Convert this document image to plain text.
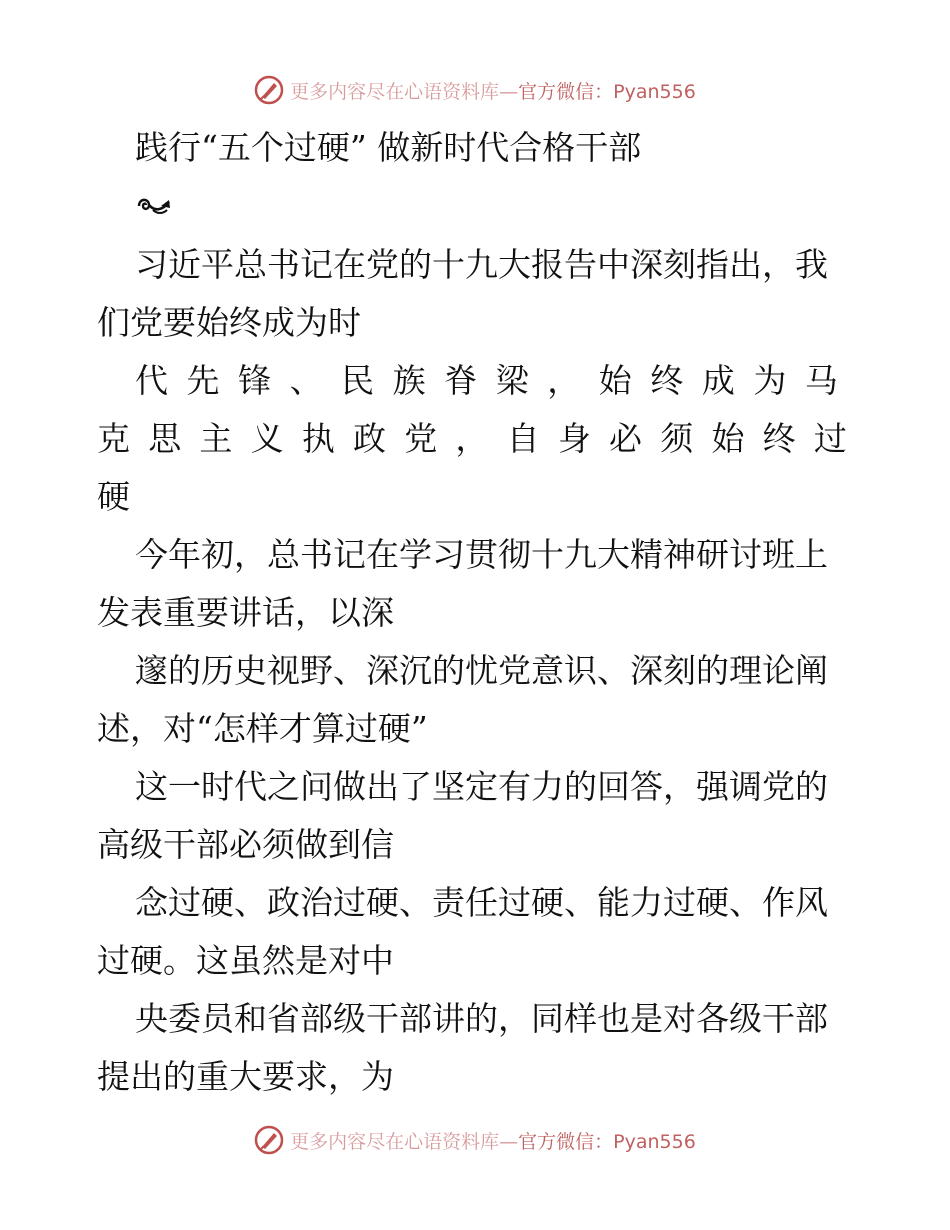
更多内容尽在心语资料库—官方微信：Pyan556
践行“五个过硬” 做新时代合格干部
习近平总书记在党的十九大报告中深刻指出，我
们党要始终成为时
代 先 锋 、 民 族 脊 梁 ， 始 终 成 为 马
克 思 主 义 执 政 党 ， 自 身 必 须 始 终 过
硬
今年初，总书记在学习贯彻十九大精神研讨班上
发表重要讲话，以深
邃的历史视野、深沉的忧党意识、深刻的理论阐
述，对“怎样才算过硬”
这一时代之问做出了坚定有力的回答，强调党的
高级干部必须做到信
念过硬、政治过硬、责任过硬、能力过硬、作风
过硬。这虽然是对中
央委员和省部级干部讲的，同样也是对各级干部
提出的重大要求，为
更多内容尽在心语资料库—官方微信：Pyan556
